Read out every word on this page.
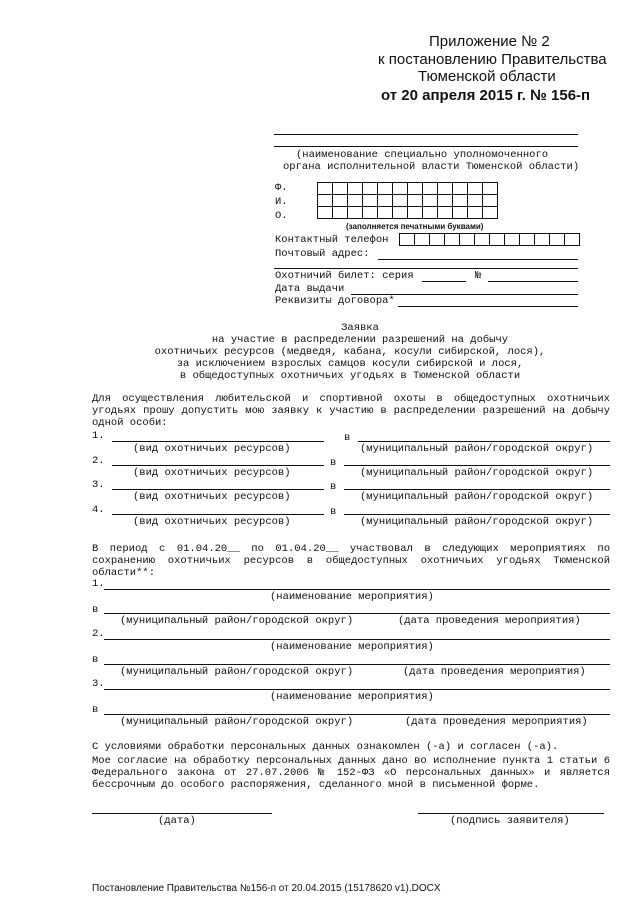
Приложение № 2
к постановлению Правительства
Тюменской области
от 20 апреля 2015 г. № 156-п
(наименование специально уполномоченного
органа исполнительной власти Тюменской области)
Ф.
И.
О.

(заполняется печатными буквами)
Контактный телефон

Почтовый адрес:
Охотничий билет: серия	№
Дата выдачи
Реквизиты договора*
Заявка
на участие в распределении разрешений на добычу
охотничьих ресурсов (медведя, кабана, косули сибирской, лося),
за исключением взрослых самцов косули сибирской и лося,
в общедоступных охотничьих угодьях в Тюменской области
Для осуществления любительской и спортивной охоты в общедоступных охотничьих угодьях прошу допустить мою заявку к участию в распределении разрешений на добычу одной особи:
1.	в
(вид охотничьих ресурсов)	(муниципальный район/городской округ)
2.	в
(вид охотничьих ресурсов)	(муниципальный район/городской округ)
3.	в
(вид охотничьих ресурсов)	(муниципальный район/городской округ)
4.	в
(вид охотничьих ресурсов)	(муниципальный район/городской округ)
В период с 01.04.20__ по 01.04.20__ участвовал в следующих мероприятиях по сохранению охотничьих ресурсов в общедоступных охотничьих угодьях Тюменской области**:
1.
(наименование мероприятия)
в
(муниципальный район/городской округ)	(дата проведения мероприятия)
2.
(наименование мероприятия)
в
(муниципальный район/городской округ)	(дата проведения мероприятия)
3.
(наименование мероприятия)
в
(муниципальный район/городской округ)	(дата проведения мероприятия)
С условиями обработки персональных данных ознакомлен (-а) и согласен (-а).
Мое согласие на обработку персональных данных дано во исполнение пункта 1 статьи 6 Федерального закона от 27.07.2006 № 152-ФЗ «О персональных данных» и является бессрочным до особого распоряжения, сделанного мной в письменной форме.
(дата)	(подпись заявителя)
Постановление Правительства №156-п от 20.04.2015 (15178620 v1).DOCX
